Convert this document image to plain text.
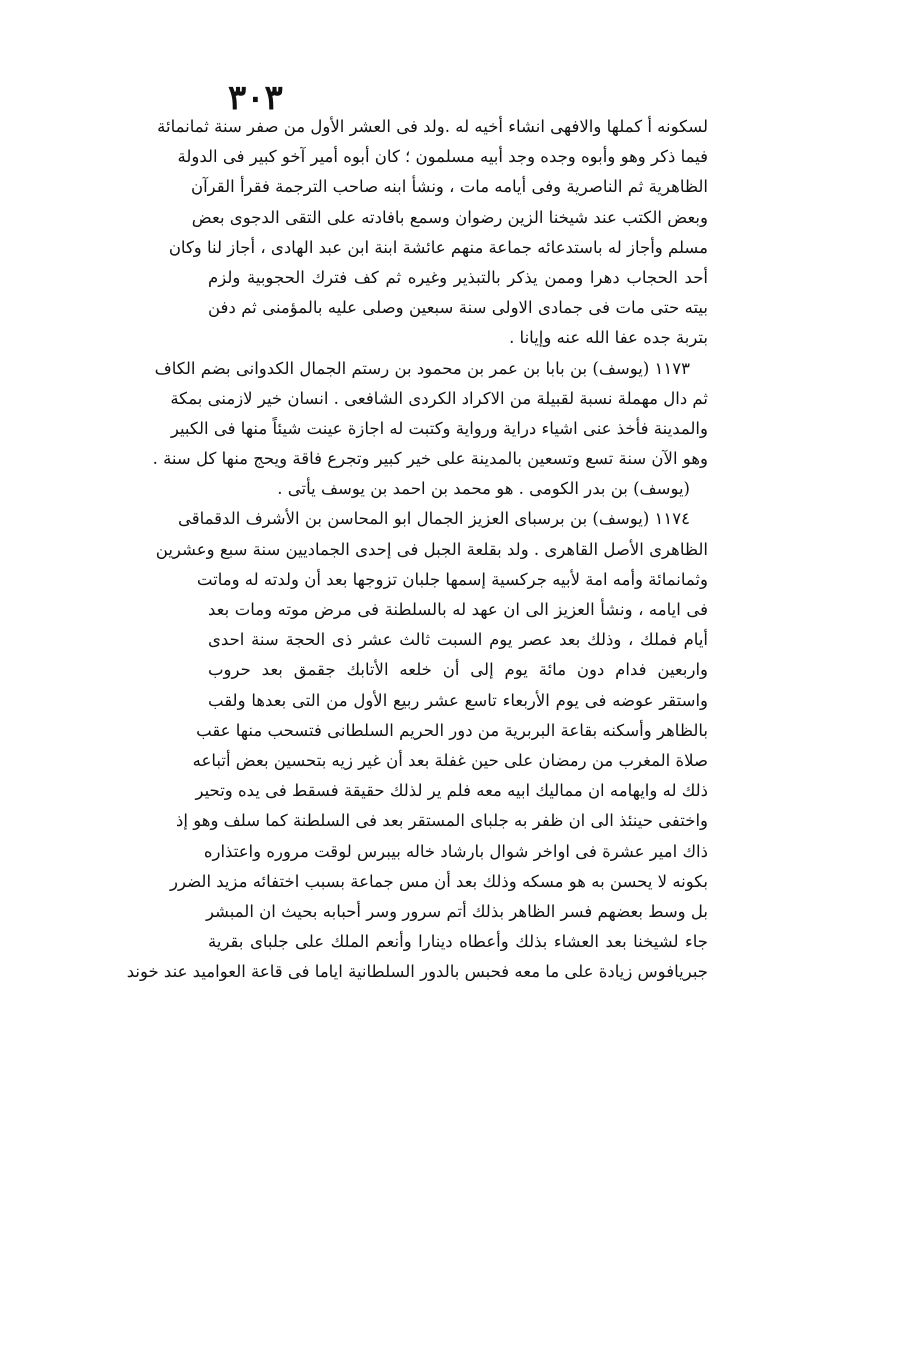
٣٠٣
لسكونه أ كملها والافهى انشاء أخيه له .ولد فى العشر الأول من صفر سنة ثمانمائة
فيما ذكر وهو وأبوه وجده وجد أبيه مسلمون ؛ كان أبوه أمير آخو كبير فى الدولة
الظاهرية ثم الناصرية وفى أيامه مات ، ونشأ ابنه صاحب الترجمة فقرأ القرآن
وبعض الكتب عند شيخنا الزين رضوان وسمع بافادته على التقى الدجوى بعض
مسلم وأجاز له باستدعائه جماعة منهم عائشة ابنة ابن عبد الهادى ، أجاز لنا وكان
أحد الحجاب دهرا وممن يذكر بالتبذير وغيره ثم كف فترك الحجوبية ولزم
بيته حتى مات فى جمادى الاولى سنة سبعين وصلى عليه بالمؤمنى ثم دفن
بتربة جده عفا الله عنه وإيانا .
١١٧٣ (يوسف) بن بابا بن عمر بن محمود بن رستم الجمال الكدوانى بضم الكاف
ثم دال مهملة نسبة لقبيلة من الاكراد الكردى الشافعى . انسان خير لازمنى بمكة
والمدينة فأخذ عنى اشياء دراية ورواية وكتبت له اجازة عينت شيئاً منها فى الكبير
وهو الآن سنة تسع وتسعين بالمدينة على خير كبير وتجرع فاقة ويحج منها كل سنة .
(يوسف) بن بدر الكومى . هو محمد بن احمد بن يوسف يأتى .
١١٧٤ (يوسف) بن برسباى العزيز الجمال ابو المحاسن بن الأشرف الدقماقى
الظاهرى الأصل القاهرى . ولد بقلعة الجبل فى إحدى الجماديين سنة سبع وعشرين
وثمانمائة وأمه امة لأبيه جركسية إسمها جلبان تزوجها بعد أن ولدته له وماتت
فى ايامه ، ونشأ العزيز الى ان عهد له بالسلطنة فى مرض موته ومات بعد
أيام فملك ، وذلك بعد عصر يوم السبت ثالث عشر ذى الحجة سنة احدى
واربعين فدام دون مائة يوم إلى أن خلعه الأتابك جقمق بعد حروب
واستقر عوضه فى يوم الأربعاء تاسع عشر ربيع الأول من التى بعدها ولقب
بالظاهر وأسكنه بقاعة البربرية من دور الحريم السلطانى فتسحب منها عقب
صلاة المغرب من رمضان على حين غفلة بعد أن غير زيه بتحسين بعض أتباعه
ذلك له وايهامه ان مماليك ابيه معه فلم ير لذلك حقيقة فسقط فى يده وتحير
واختفى حينئذ الى ان ظفر به جلباى المستقر بعد فى السلطنة كما سلف وهو إذ
ذاك امير عشرة فى اواخر شوال بارشاد خاله بيبرس لوقت مروره واعتذاره
بكونه لا يحسن به هو مسكه وذلك بعد أن مس جماعة بسبب اختفائه مزيد الضرر
بل وسط بعضهم فسر الظاهر بذلك أتم سرور وسر أحبابه بحيث ان المبشر
جاء لشيخنا بعد العشاء بذلك وأعطاه دينارا وأنعم الملك على جلباى بقرية
جبريافوس زيادة على ما معه فحبس بالدور السلطانية اياما فى قاعة العواميد عند خوند
